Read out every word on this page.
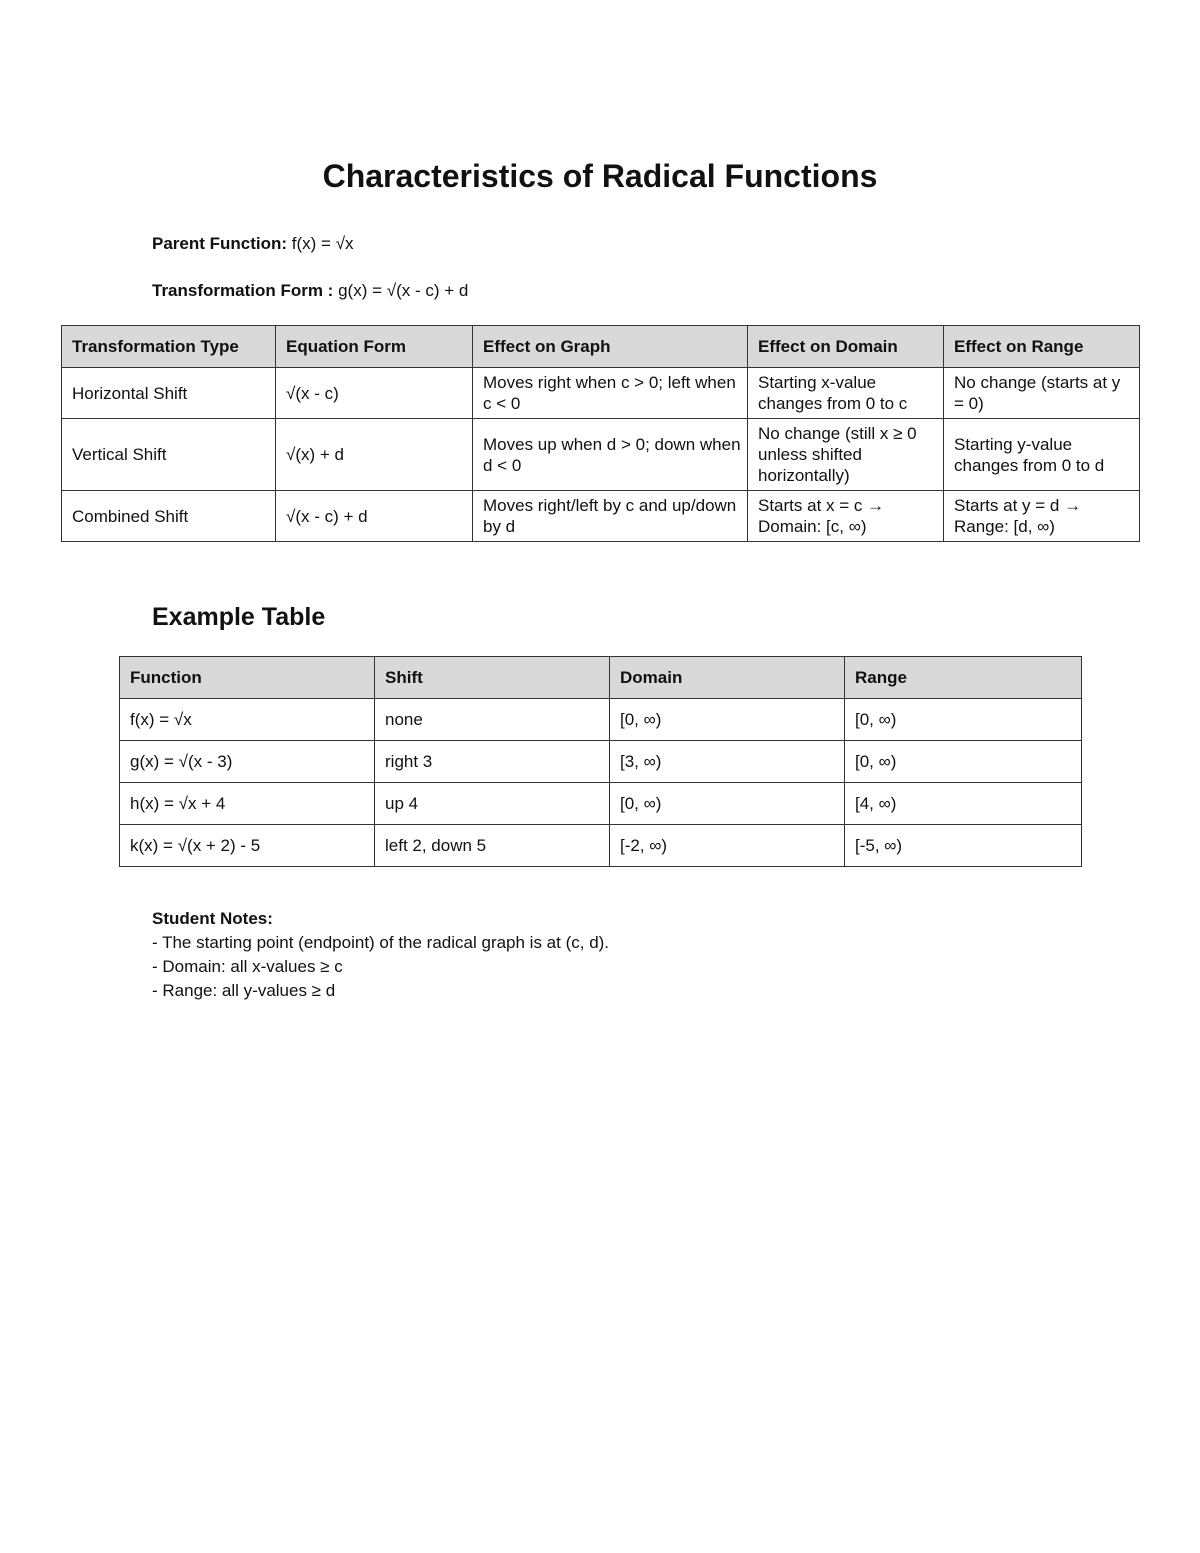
Characteristics of Radical Functions
Parent Function: f(x) = √x
Transformation Form : g(x) = √(x - c) + d
Transformation Type	Equation Form	Effect on Graph	Effect on Domain	Effect on Range
Horizontal Shift	√(x - c)	Moves right when c > 0; left when c < 0	Starting x-value changes from 0 to c	No change (starts at y = 0)
Vertical Shift	√(x) + d	Moves up when d > 0; down when d < 0	No change (still x ≥ 0 unless shifted horizontally)	Starting y-value changes from 0 to d
Combined Shift	√(x - c) + d	Moves right/left by c and up/down by d	Starts at x = c → Domain: [c, ∞)	Starts at y = d → Range: [d, ∞)
Example Table
Function	Shift	Domain	Range
f(x) = √x	none	[0, ∞)	[0, ∞)
g(x) = √(x - 3)	right 3	[3, ∞)	[0, ∞)
h(x) = √x + 4	up 4	[0, ∞)	[4, ∞)
k(x) = √(x + 2) - 5	left 2, down 5	[-2, ∞)	[-5, ∞)
Student Notes:
- The starting point (endpoint) of the radical graph is at (c, d).
- Domain: all x-values ≥ c
- Range: all y-values ≥ d
